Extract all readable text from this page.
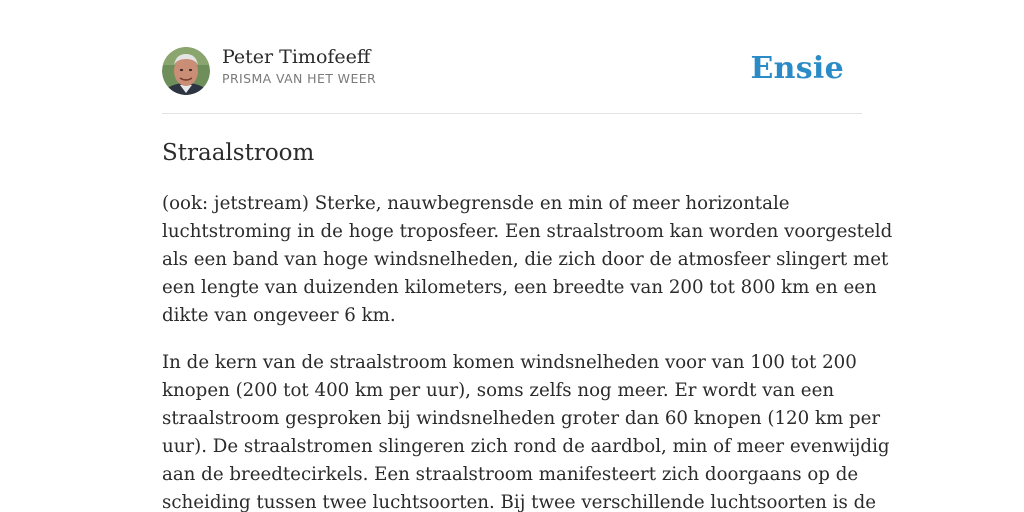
Peter Timofeeff
PRISMA VAN HET WEER	Ensie
Straalstroom

(ook: jetstream) Sterke, nauwbegrensde en min of meer horizontale
luchtstroming in de hoge troposfeer. Een straalstroom kan worden voorgesteld
als een band van hoge windsnelheden, die zich door de atmosfeer slingert met
een lengte van duizenden kilometers, een breedte van 200 tot 800 km en een
dikte van ongeveer 6 km.

In de kern van de straalstroom komen windsnelheden voor van 100 tot 200
knopen (200 tot 400 km per uur), soms zelfs nog meer. Er wordt van een
straalstroom gesproken bij windsnelheden groter dan 60 knopen (120 km per
uur). De straalstromen slingeren zich rond de aardbol, min of meer evenwijdig
aan de breedtecirkels. Een straalstroom manifesteert zich doorgaans op de
scheiding tussen twee luchtsoorten. Bij twee verschillende luchtsoorten is de
